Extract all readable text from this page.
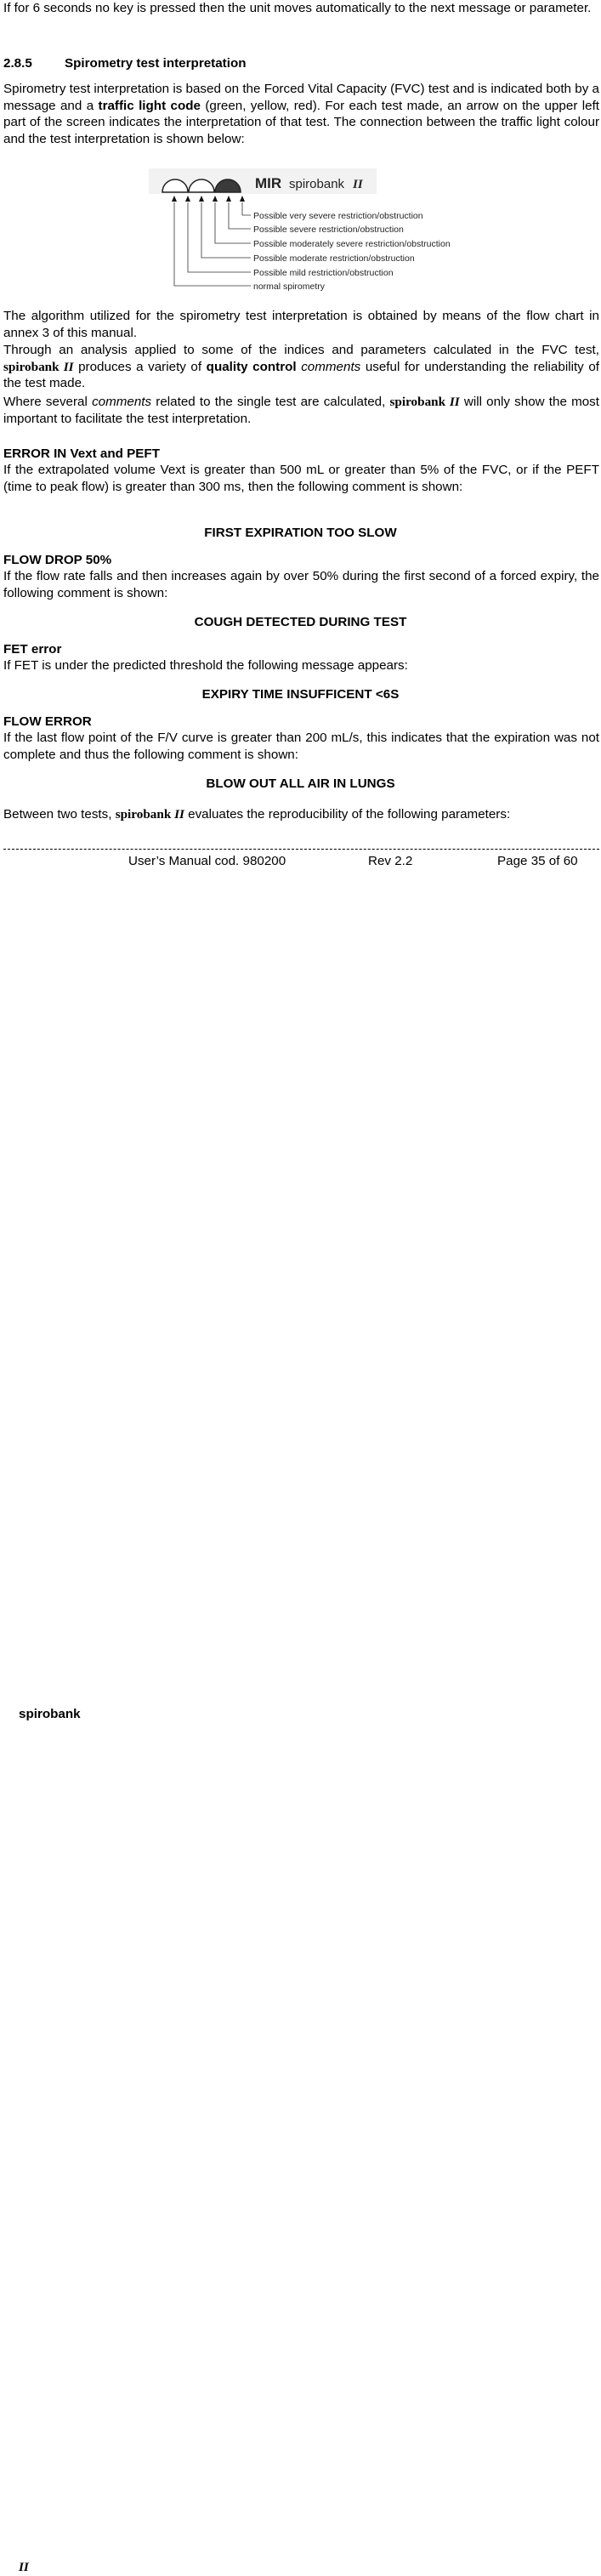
If for 6 seconds no key is pressed then the unit moves automatically to the next message or parameter.
2.8.5	Spirometry test interpretation
Spirometry test interpretation is based on the Forced Vital Capacity (FVC) test and is indicated both by a message and a traffic light code (green, yellow, red). For each test made, an arrow on the upper left part of the screen indicates the interpretation of that test. The connection between the traffic light colour and the test interpretation is shown below:
MIR spirobank II
Possible very severe restriction/obstruction
Possible severe restriction/obstruction
Possible moderately severe restriction/obstruction
Possible moderate restriction/obstruction
Possible mild restriction/obstruction
normal spirometry
The algorithm utilized for the spirometry test interpretation is obtained by means of the flow chart in annex 3 of this manual.
Through an analysis applied to some of the indices and parameters calculated in the FVC test, spirobank II produces a variety of quality control comments useful for understanding the reliability of the test made.
Where several comments related to the single test are calculated, spirobank II will only show the most important to facilitate the test interpretation.
ERROR IN Vext and PEFT
If the extrapolated volume Vext is greater than 500 mL or greater than 5% of the FVC, or if the PEFT (time to peak flow) is greater than 300 ms, then the following comment is shown:
FIRST EXPIRATION TOO SLOW
FLOW DROP 50%
If the flow rate falls and then increases again by over 50% during the first second of a forced expiry, the following comment is shown:
COUGH DETECTED DURING TEST
FET error
If FET is under the predicted threshold the following message appears:
EXPIRY TIME INSUFFICENT <6S
FLOW ERROR
If the last flow point of the F/V curve is greater than 200 mL/s, this indicates that the expiration was not complete and thus the following comment is shown:
BLOW OUT ALL AIR IN LUNGS
Between two tests, spirobank II evaluates the reproducibility of the following parameters:
spirobank
II
User’s Manual cod. 980200	Rev 2.2	Page 35 of 60
